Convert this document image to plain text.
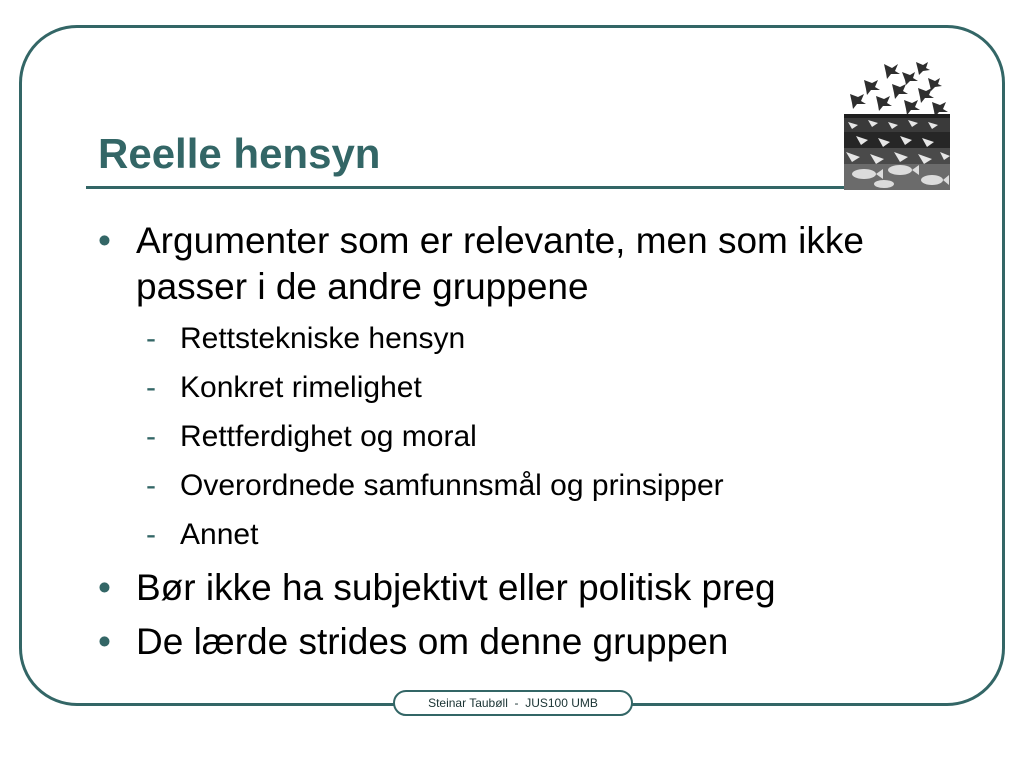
Reelle hensyn
• Argumenter som er relevante, men som ikke passer i de andre gruppene
- Rettstekniske hensyn
- Konkret rimelighet
- Rettferdighet og moral
- Overordnede samfunnsmål og prinsipper
- Annet
• Bør ikke ha subjektivt eller politisk preg
• De lærde strides om denne gruppen
Steinar Taubøll  -  JUS100 UMB
